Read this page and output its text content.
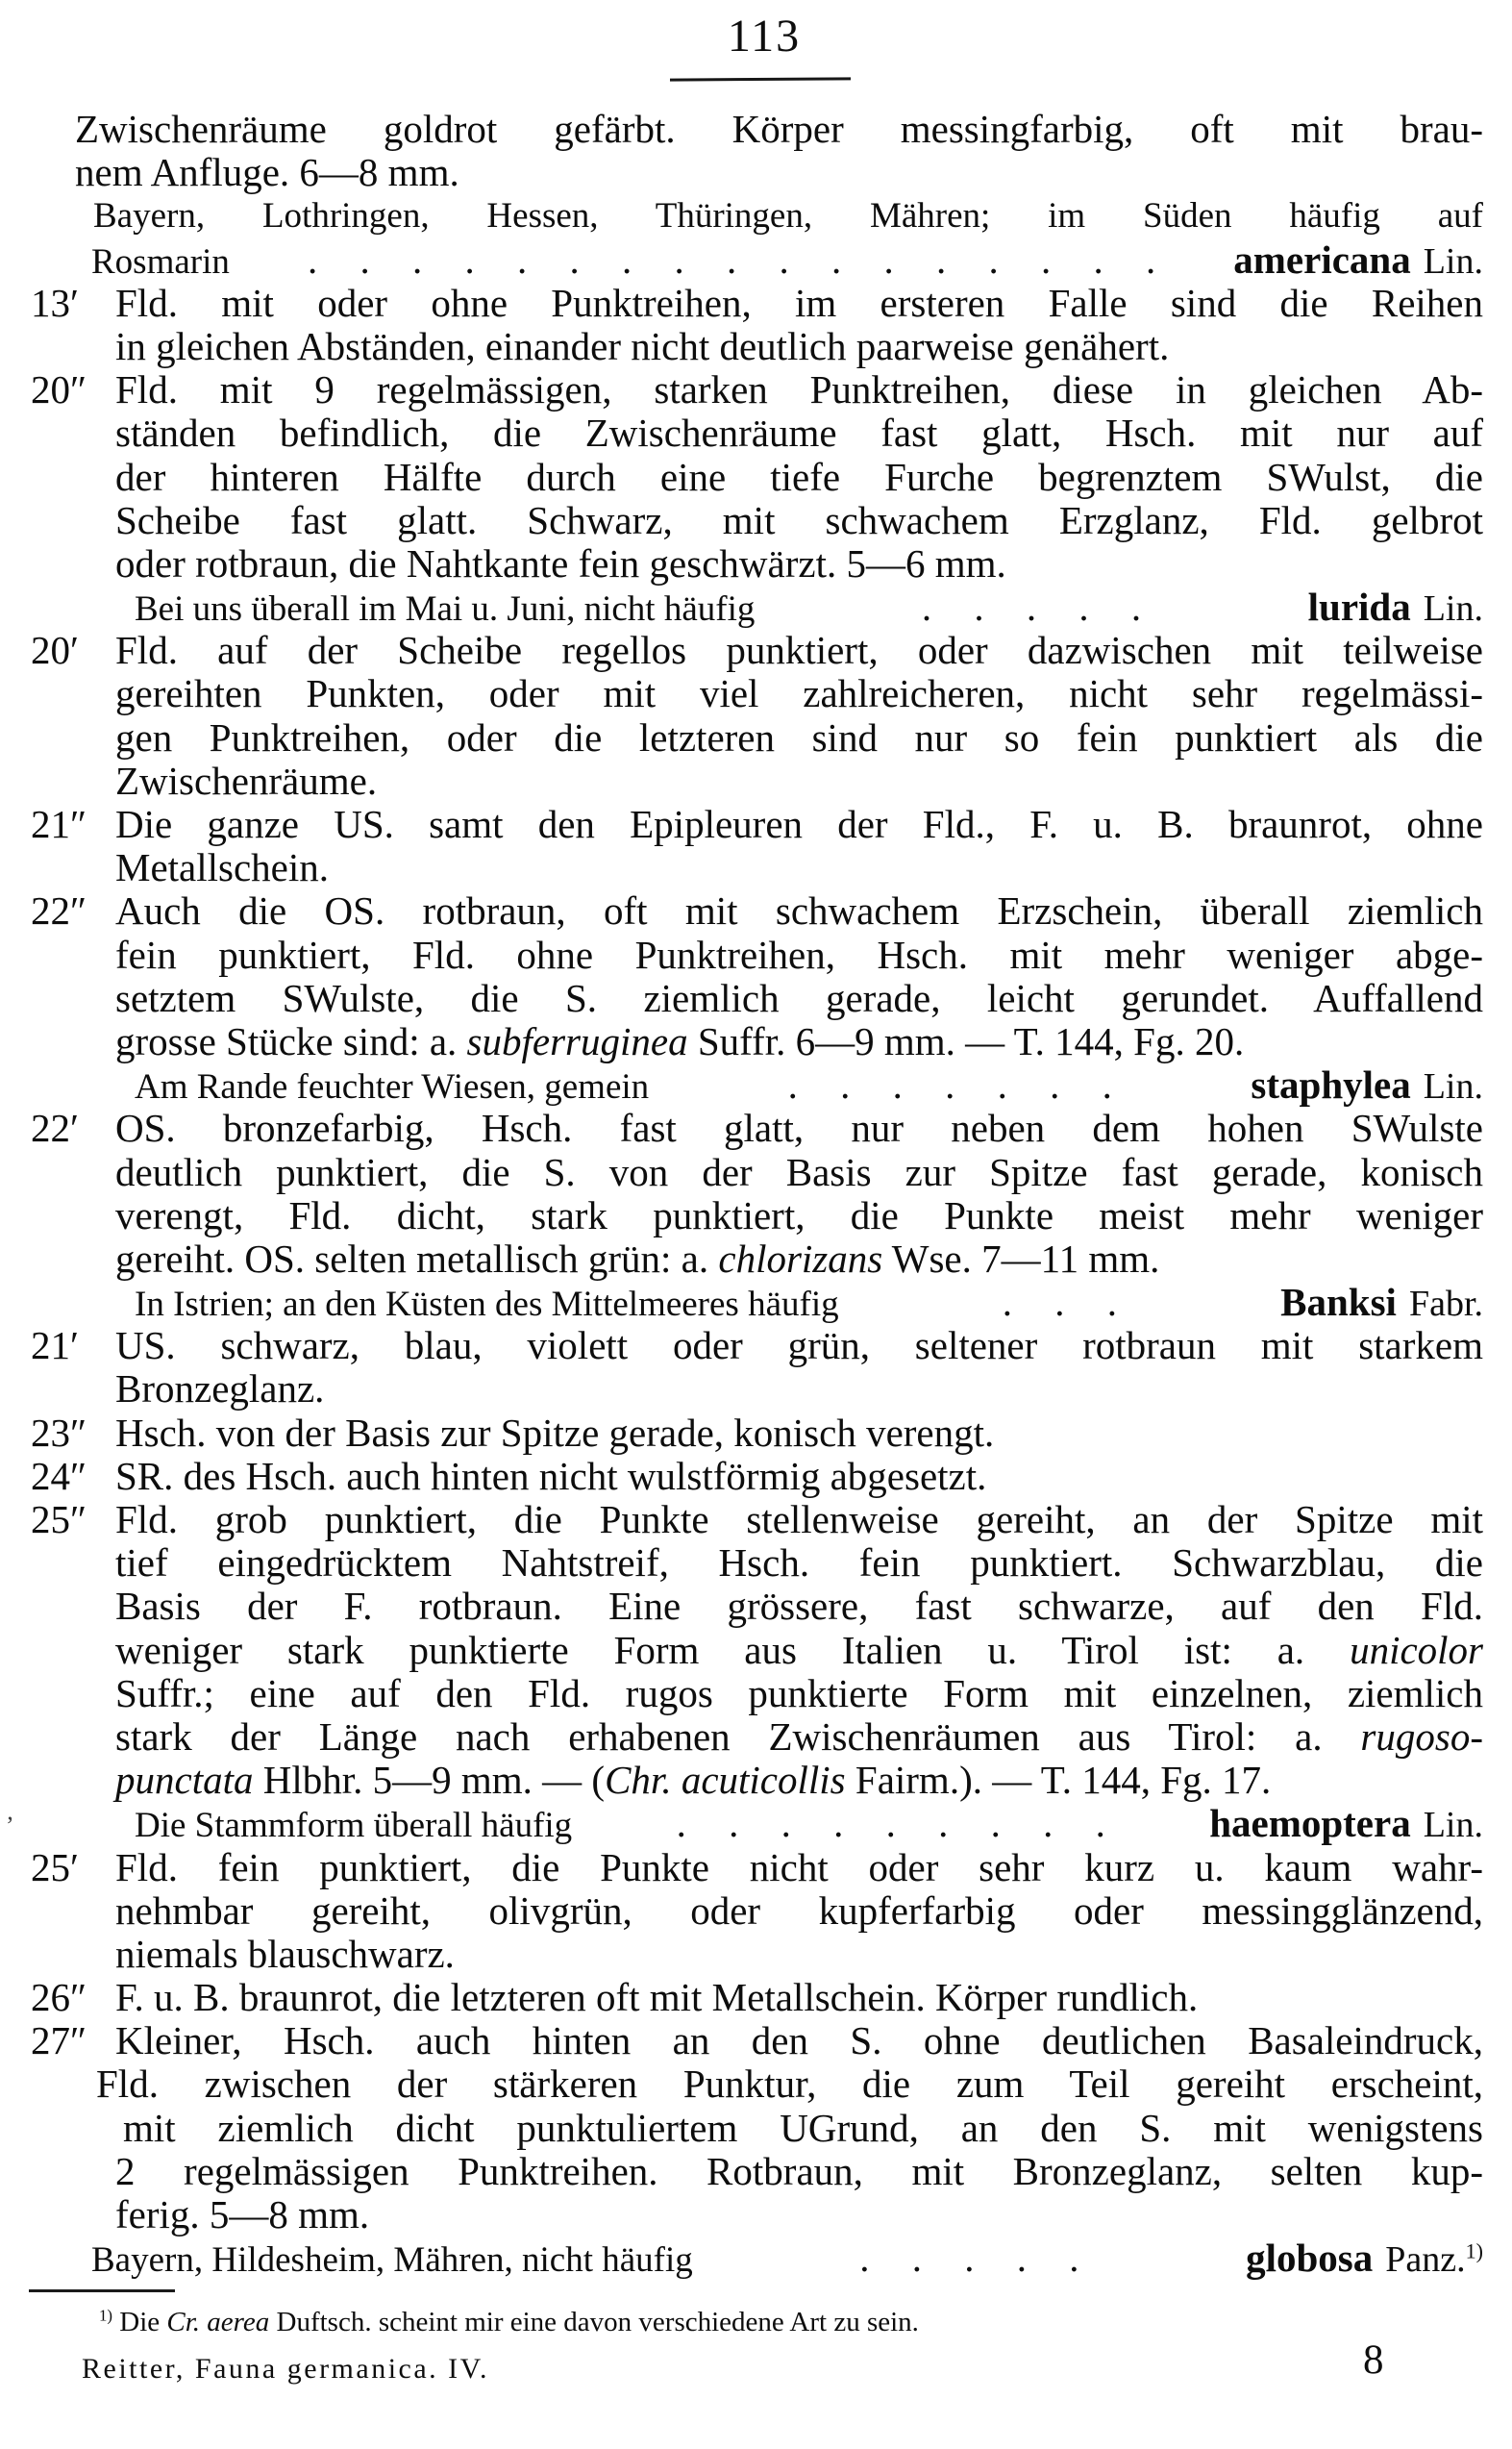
113
Zwischenräume goldrot gefärbt. Körper messingfarbig, oft mit brau-
nem Anfluge. 6—8 mm.
Bayern, Lothringen, Hessen, Thüringen, Mähren; im Süden häufig auf
Rosmarin	. . . . . . . . . . . . . . . . .	americana Lin.
13′ Fld. mit oder ohne Punktreihen, im ersteren Falle sind die Reihen
in gleichen Abständen, einander nicht deutlich paarweise genähert.
20″ Fld. mit 9 regelmässigen, starken Punktreihen, diese in gleichen Ab-
ständen befindlich, die Zwischenräume fast glatt, Hsch. mit nur auf
der hinteren Hälfte durch eine tiefe Furche begrenztem SWulst, die
Scheibe fast glatt. Schwarz, mit schwachem Erzglanz, Fld. gelbrot
oder rotbraun, die Nahtkante fein geschwärzt. 5—6 mm.
Bei uns überall im Mai u. Juni, nicht häufig	. . . . .	lurida Lin.
20′ Fld. auf der Scheibe regellos punktiert, oder dazwischen mit teilweise
gereihten Punkten, oder mit viel zahlreicheren, nicht sehr regelmässi-
gen Punktreihen, oder die letzteren sind nur so fein punktiert als die
Zwischenräume.
21″ Die ganze US. samt den Epipleuren der Fld., F. u. B. braunrot, ohne
Metallschein.
22″ Auch die OS. rotbraun, oft mit schwachem Erzschein, überall ziemlich
fein punktiert, Fld. ohne Punktreihen, Hsch. mit mehr weniger abge-
setztem SWulste, die S. ziemlich gerade, leicht gerundet. Auffallend
grosse Stücke sind: a. subferruginea Suffr. 6—9 mm. — T. 144, Fg. 20.
Am Rande feuchter Wiesen, gemein	. . . . . . .	staphylea Lin.
22′ OS. bronzefarbig, Hsch. fast glatt, nur neben dem hohen SWulste
deutlich punktiert, die S. von der Basis zur Spitze fast gerade, konisch
verengt, Fld. dicht, stark punktiert, die Punkte meist mehr weniger
gereiht. OS. selten metallisch grün: a. chlorizans Wse. 7—11 mm.
In Istrien; an den Küsten des Mittelmeeres häufig	. . .	Banksi Fabr.
21′ US. schwarz, blau, violett oder grün, seltener rotbraun mit starkem
Bronzeglanz.
23″ Hsch. von der Basis zur Spitze gerade, konisch verengt.
24″ SR. des Hsch. auch hinten nicht wulstförmig abgesetzt.
25″ Fld. grob punktiert, die Punkte stellenweise gereiht, an der Spitze mit
tief eingedrücktem Nahtstreif, Hsch. fein punktiert. Schwarzblau, die
Basis der F. rotbraun. Eine grössere, fast schwarze, auf den Fld.
weniger stark punktierte Form aus Italien u. Tirol ist: a. unicolor
Suffr.; eine auf den Fld. rugos punktierte Form mit einzelnen, ziemlich
stark der Länge nach erhabenen Zwischenräumen aus Tirol: a. rugoso-
punctata Hlbhr. 5—9 mm. — (Chr. acuticollis Fairm.). — T. 144, Fg. 17.
Die Stammform überall häufig	. . . . . . . . .	haemoptera Lin.
25′ Fld. fein punktiert, die Punkte nicht oder sehr kurz u. kaum wahr-
nehmbar gereiht, olivgrün, oder kupferfarbig oder messingglänzend,
niemals blauschwarz.
26″ F. u. B. braunrot, die letzteren oft mit Metallschein. Körper rundlich.
27″ Kleiner, Hsch. auch hinten an den S. ohne deutlichen Basaleindruck,
Fld. zwischen der stärkeren Punktur, die zum Teil gereiht erscheint,
mit ziemlich dicht punktuliertem UGrund, an den S. mit wenigstens
2 regelmässigen Punktreihen. Rotbraun, mit Bronzeglanz, selten kup-
ferig. 5—8 mm.
Bayern, Hildesheim, Mähren, nicht häufig	. . . . .	globosa Panz.$^{1)}$
’
$^{1)}$ Die Cr. aerea Duftsch. scheint mir eine davon verschiedene Art zu sein.
Reitter, Fauna germanica. IV.	8
